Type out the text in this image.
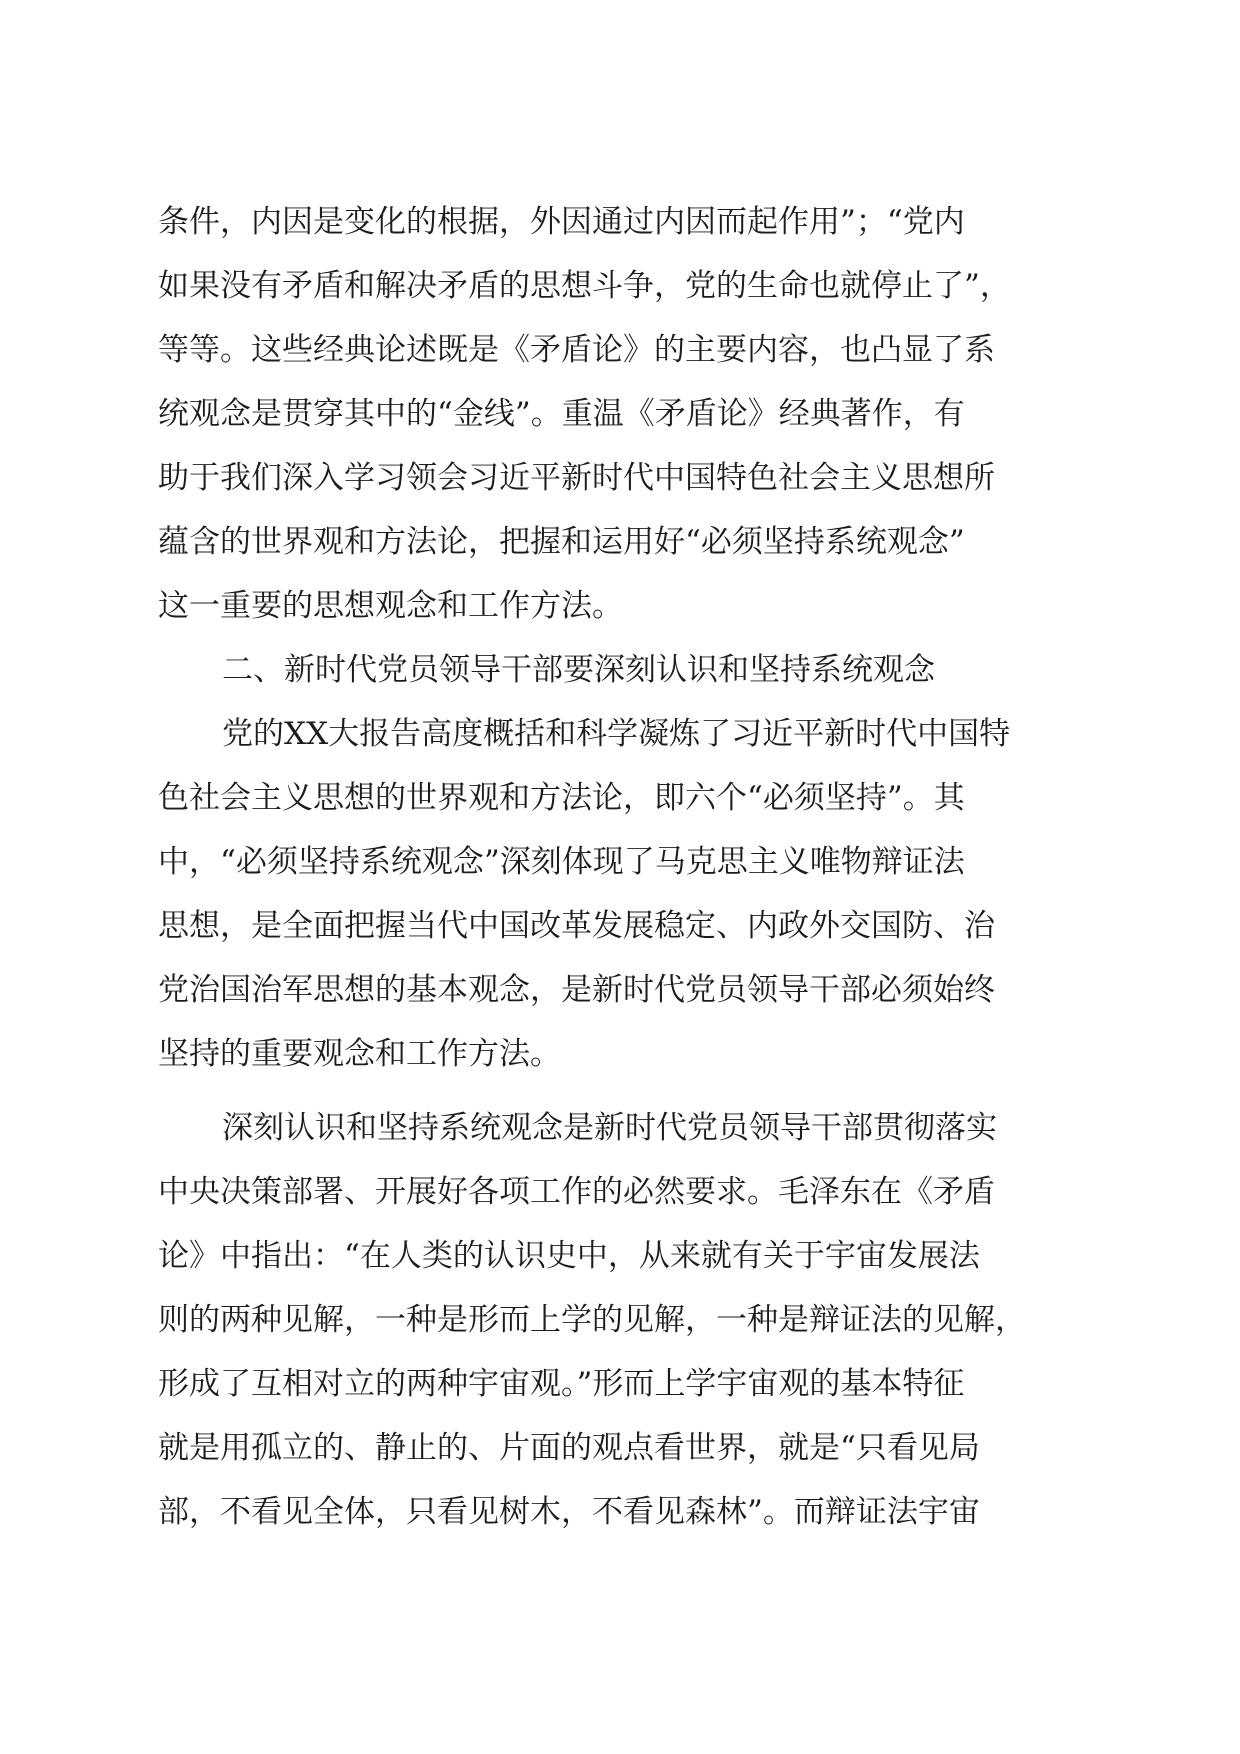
条件，内因是变化的根据，外因通过内因而起作用”；“党内
如果没有矛盾和解决矛盾的思想斗争，党的生命也就停止了”，
等等。这些经典论述既是《矛盾论》的主要内容，也凸显了系
统观念是贯穿其中的“金线”。重温《矛盾论》经典著作，有
助于我们深入学习领会习近平新时代中国特色社会主义思想所
蕴含的世界观和方法论，把握和运用好“必须坚持系统观念”
这一重要的思想观念和工作方法。

二、新时代党员领导干部要深刻认识和坚持系统观念

党的XX大报告高度概括和科学凝炼了习近平新时代中国特
色社会主义思想的世界观和方法论，即六个“必须坚持”。其
中，“必须坚持系统观念”深刻体现了马克思主义唯物辩证法
思想，是全面把握当代中国改革发展稳定、内政外交国防、治
党治国治军思想的基本观念，是新时代党员领导干部必须始终
坚持的重要观念和工作方法。

深刻认识和坚持系统观念是新时代党员领导干部贯彻落实
中央决策部署、开展好各项工作的必然要求。毛泽东在《矛盾
论》中指出：“在人类的认识史中，从来就有关于宇宙发展法
则的两种见解，一种是形而上学的见解，一种是辩证法的见解，
形成了互相对立的两种宇宙观。”形而上学宇宙观的基本特征
就是用孤立的、静止的、片面的观点看世界，就是“只看见局
部，不看见全体，只看见树木，不看见森林”。而辩证法宇宙
